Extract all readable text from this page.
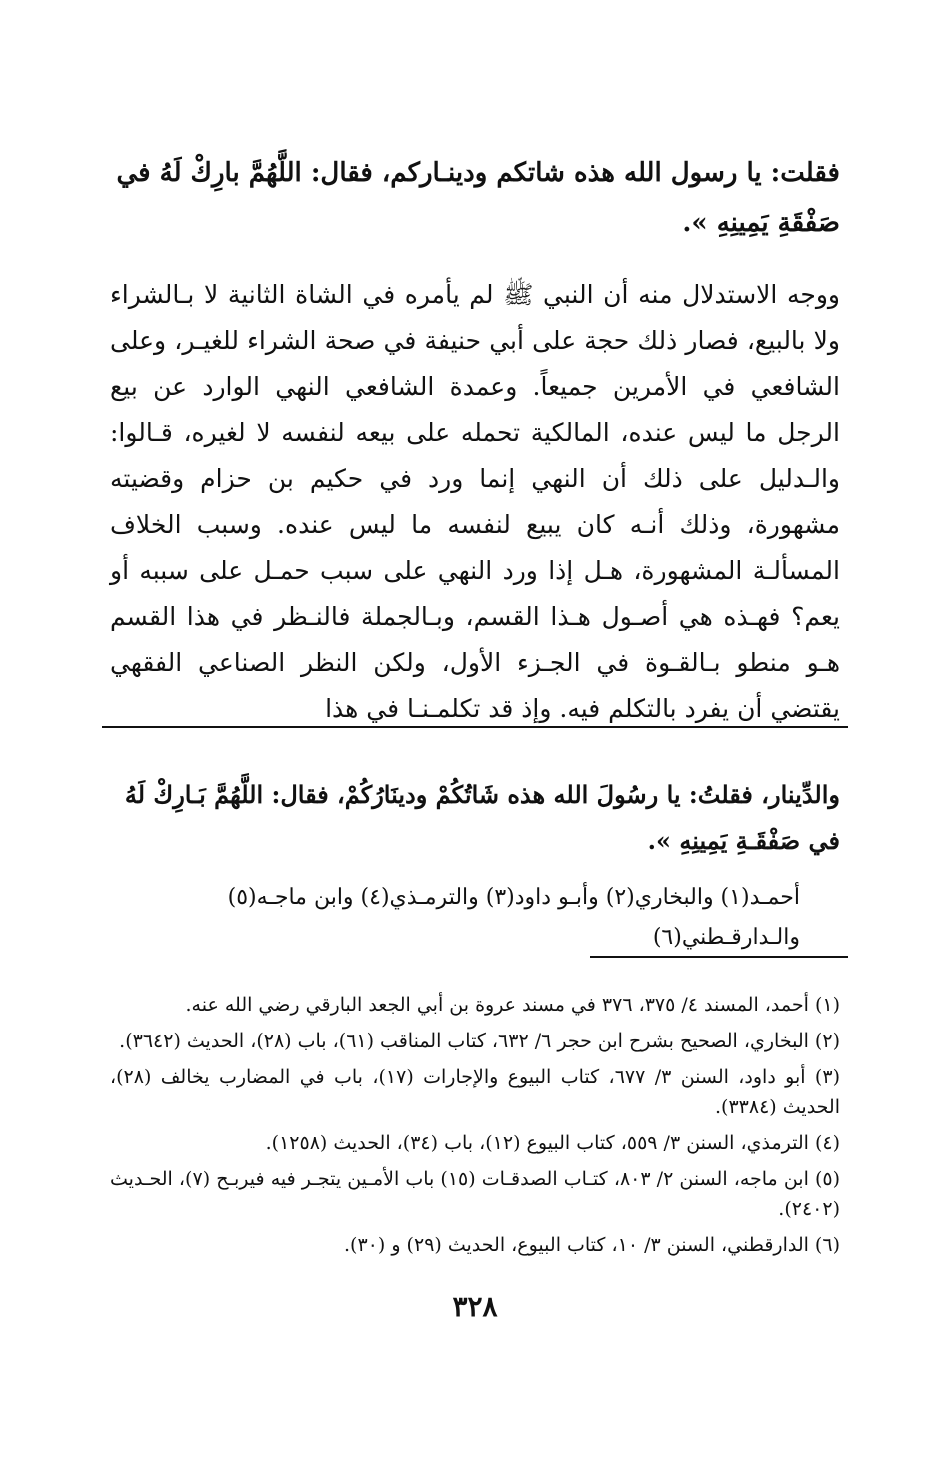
فقلت: يا رسول الله هذه شاتكم ودينـاركم، فقال: اللَّهُمَّ بارِكْ لَهُ في صَفْقَةِ يَمِينِهِ ».

ووجه الاستدلال منه أن النبي ﷺ لم يأمره في الشاة الثانية لا بـالشراء ولا بالبيع، فصار ذلك حجة على أبي حنيفة في صحة الشراء للغيـر، وعلى الشافعي في الأمرين جميعاً. وعمدة الشافعي النهي الوارد عن بيع الرجل ما ليس عنده، المالكية تحمله على بيعه لنفسه لا لغيره، قـالوا: والـدليل على ذلك أن النهي إنما ورد في حكيم بن حزام وقضيته مشهورة، وذلك أنـه كان يبيع لنفسه ما ليس عنده. وسبب الخلاف المسألـة المشهورة، هـل إذا ورد النهي على سبب حمـل على سببه أو يعم؟ فهـذه هي أصـول هـذا القسم، وبـالجملة فالنـظر في هذا القسم هـو منطو بـالقـوة في الجـزء الأول، ولكن النظر الصناعي الفقهي يقتضي أن يفرد بالتكلم فيه. وإذ قد تكلمـنـا في هذا

والدِّينار، فقلتُ: يا رسُولَ الله هذه شَاتُكُمْ ودينَارُكُمْ، فقال: اللَّهُمَّ بَـارِكْ لَهُ في صَفْقَـةِ يَمِينِهِ ».

أحمـد(١) والبخاري(٢) وأبـو داود(٣) والترمـذي(٤) وابن ماجـه(٥) والـدارقـطني(٦)

(١) أحمد، المسند ٤/ ٣٧٥، ٣٧٦ في مسند عروة بن أبي الجعد البارقي رضي الله عنه.
(٢) البخاري، الصحيح بشرح ابن حجر ٦/ ٦٣٢، كتاب المناقب (٦١)، باب (٢٨)، الحديث (٣٦٤٢).
(٣) أبو داود، السنن ٣/ ٦٧٧، كتاب البيوع والإجارات (١٧)، باب في المضارب يخالف (٢٨)، الحديث (٣٣٨٤).
(٤) الترمذي، السنن ٣/ ٥٥٩، كتاب البيوع (١٢)، باب (٣٤)، الحديث (١٢٥٨).
(٥) ابن ماجه، السنن ٢/ ٨٠٣، كتـاب الصدقـات (١٥) باب الأمـين يتجـر فيه فيربـح (٧)، الحـديث (٢٤٠٢).
(٦) الدارقطني، السنن ٣/ ١٠، كتاب البيوع، الحديث (٢٩) و (٣٠).
٣٢٨
